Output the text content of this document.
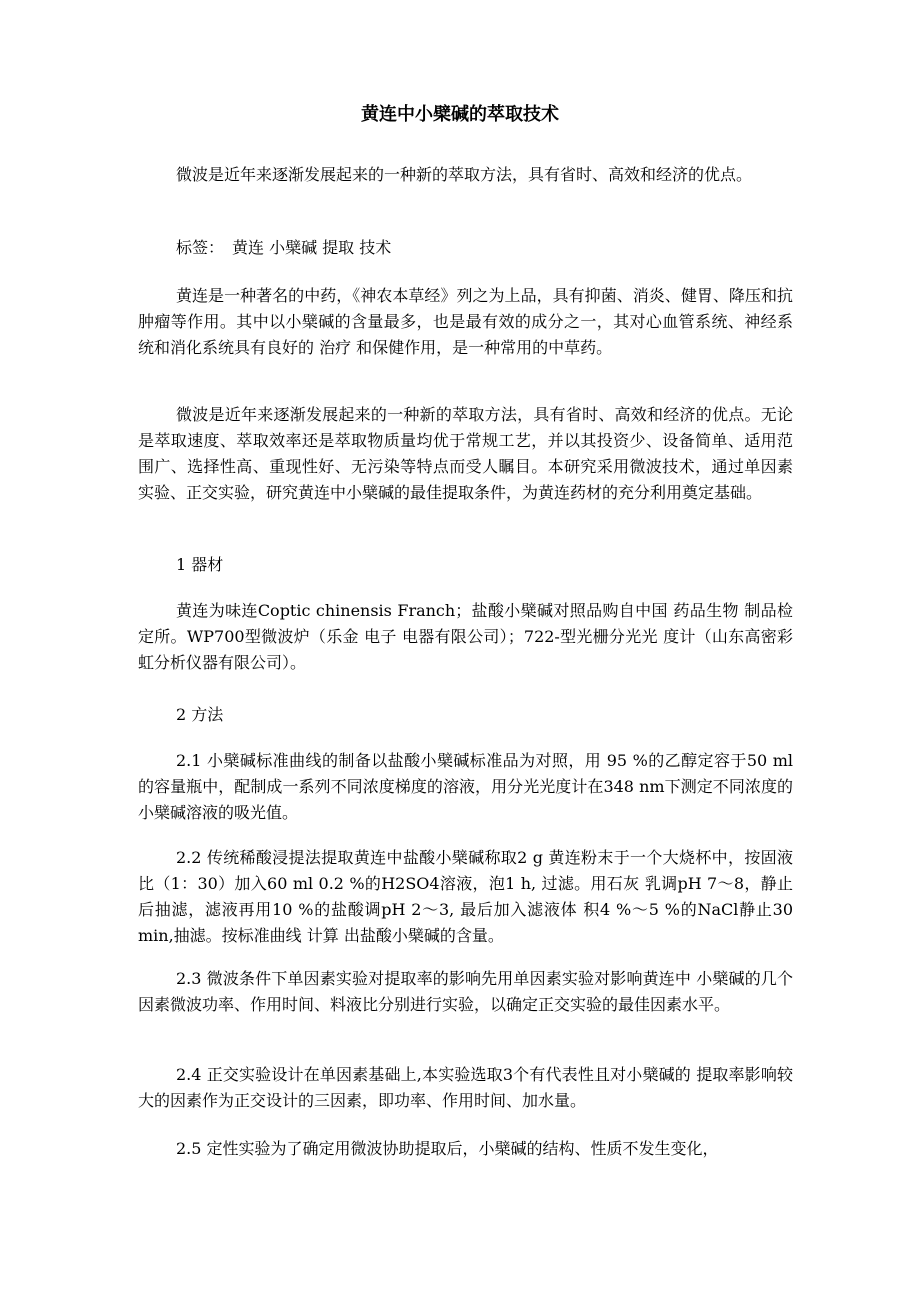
黄连中小檗碱的萃取技术

微波是近年来逐渐发展起来的一种新的萃取方法，具有省时、高效和经济的优点。

标签：　黄连 小檗碱 提取 技术

黄连是一种著名的中药，《神农本草经》列之为上品，具有抑菌、消炎、健胃、降压和抗肿瘤等作用。其中以小檗碱的含量最多，也是最有效的成分之一，其对心血管系统、神经系统和消化系统具有良好的 治疗 和保健作用，是一种常用的中草药。

微波是近年来逐渐发展起来的一种新的萃取方法，具有省时、高效和经济的优点。无论是萃取速度、萃取效率还是萃取物质量均优于常规工艺，并以其投资少、设备简单、适用范围广、选择性高、重现性好、无污染等特点而受人瞩目。本研究采用微波技术，通过单因素实验、正交实验，研究黄连中小檗碱的最佳提取条件，为黄连药材的充分利用奠定基础。

1 器材

黄连为味连Coptic chinensis Franch；盐酸小檗碱对照品购自中国 药品生物 制品检定所。WP700型微波炉（乐金 电子 电器有限公司）；722-型光栅分光光 度计（山东高密彩虹分析仪器有限公司）。

2 方法

2.1 小檗碱标准曲线的制备以盐酸小檗碱标准品为对照，用 95 %的乙醇定容于50 ml的容量瓶中，配制成一系列不同浓度梯度的溶液，用分光光度计在348 nm下测定不同浓度的小檗碱溶液的吸光值。

2.2 传统稀酸浸提法提取黄连中盐酸小檗碱称取2 g 黄连粉末于一个大烧杯中，按固液比（1：30）加入60 ml 0.2 %的H2SO4溶液，泡1 h, 过滤。用石灰 乳调pH 7～8，静止后抽滤，滤液再用10 %的盐酸调pH 2～3, 最后加入滤液体 积4 %～5 %的NaCl静止30 min,抽滤。按标准曲线 计算 出盐酸小檗碱的含量。

2.3 微波条件下单因素实验对提取率的影响先用单因素实验对影响黄连中 小檗碱的几个因素微波功率、作用时间、料液比分别进行实验，以确定正交实验的最佳因素水平。

2.4 正交实验设计在单因素基础上,本实验选取3个有代表性且对小檗碱的 提取率影响较大的因素作为正交设计的三因素，即功率、作用时间、加水量。

2.5 定性实验为了确定用微波协助提取后，小檗碱的结构、性质不发生变化，
